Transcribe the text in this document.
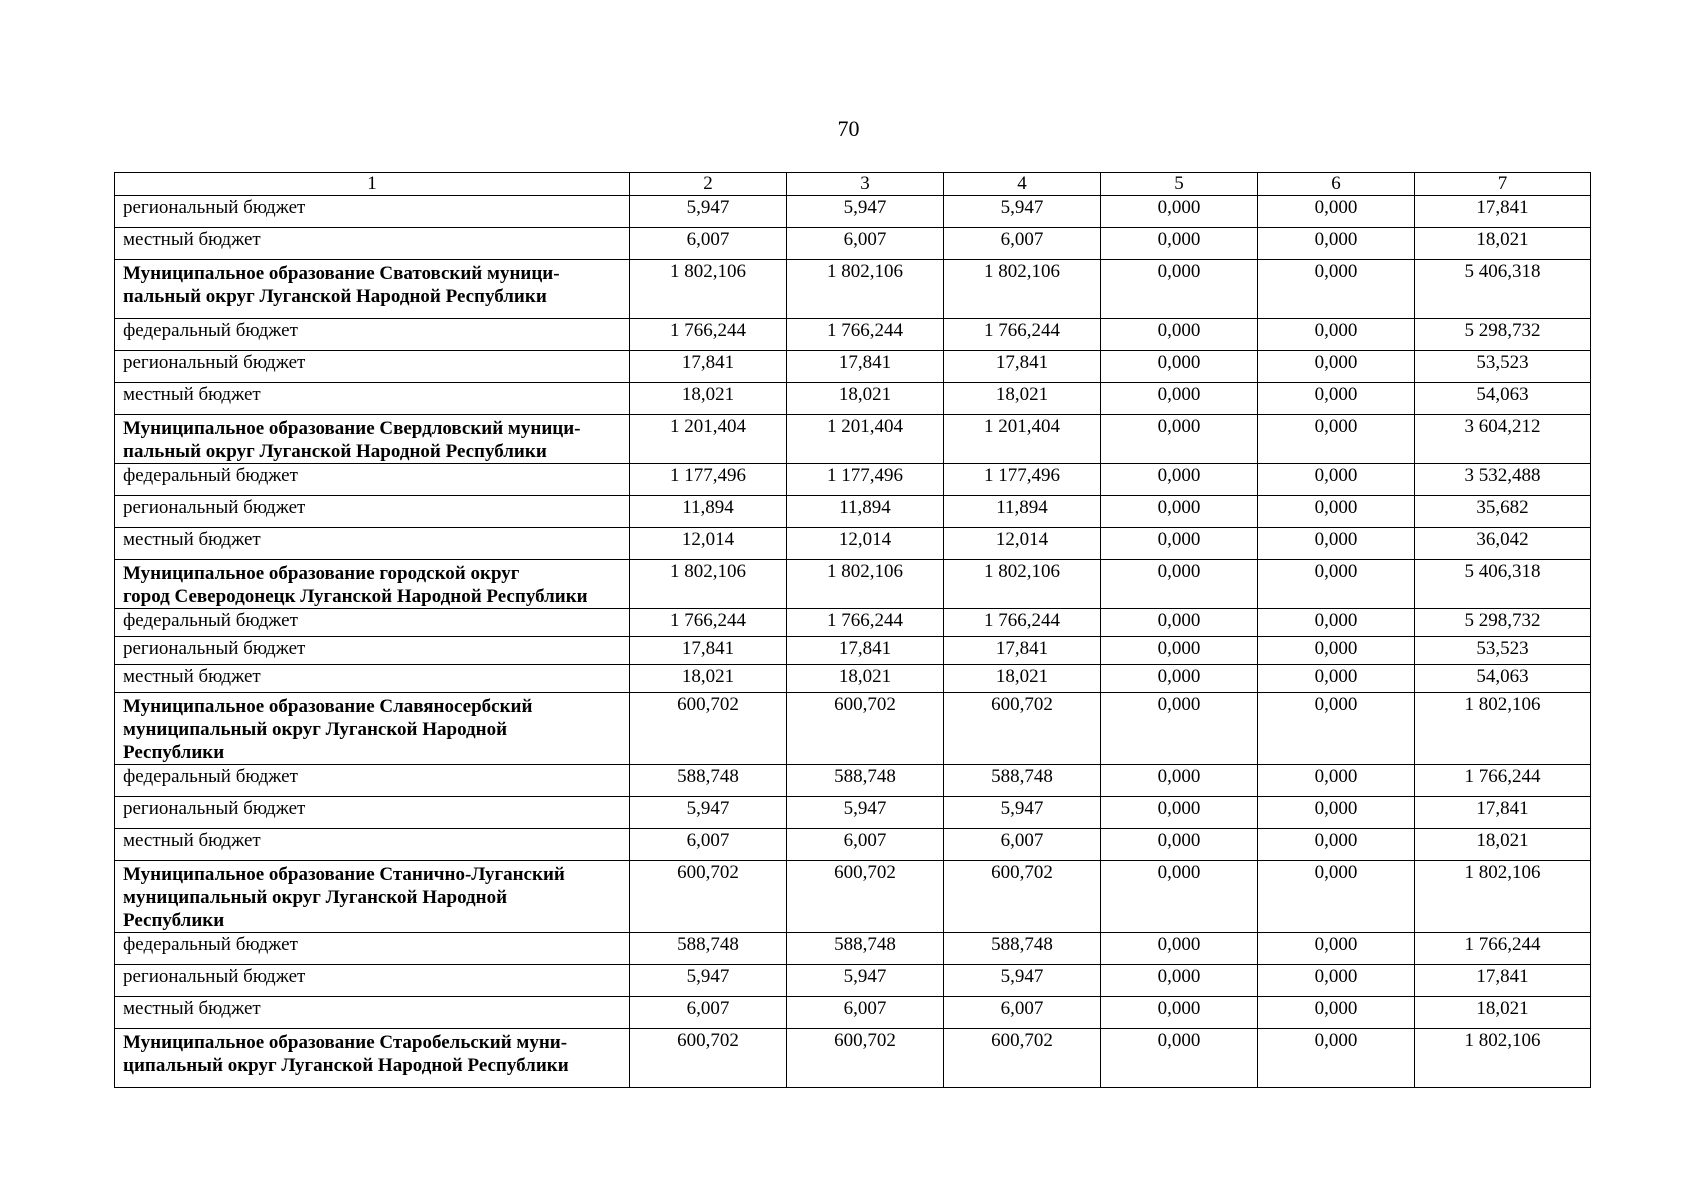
70
1	2	3	4	5	6	7
региональный бюджет	5,947	5,947	5,947	0,000	0,000	17,841
местный бюджет	6,007	6,007	6,007	0,000	0,000	18,021
Муниципальное образование Сватовский муници-
пальный округ Луганской Народной Республики	1 802,106	1 802,106	1 802,106	0,000	0,000	5 406,318
федеральный бюджет	1 766,244	1 766,244	1 766,244	0,000	0,000	5 298,732
региональный бюджет	17,841	17,841	17,841	0,000	0,000	53,523
местный бюджет	18,021	18,021	18,021	0,000	0,000	54,063
Муниципальное образование Свердловский муници-
пальный округ Луганской Народной Республики	1 201,404	1 201,404	1 201,404	0,000	0,000	3 604,212
федеральный бюджет	1 177,496	1 177,496	1 177,496	0,000	0,000	3 532,488
региональный бюджет	11,894	11,894	11,894	0,000	0,000	35,682
местный бюджет	12,014	12,014	12,014	0,000	0,000	36,042
Муниципальное образование городской округ
город Северодонецк Луганской Народной Республики	1 802,106	1 802,106	1 802,106	0,000	0,000	5 406,318
федеральный бюджет	1 766,244	1 766,244	1 766,244	0,000	0,000	5 298,732
региональный бюджет	17,841	17,841	17,841	0,000	0,000	53,523
местный бюджет	18,021	18,021	18,021	0,000	0,000	54,063
Муниципальное образование Славяносербский
муниципальный округ Луганской Народной
Республики	600,702	600,702	600,702	0,000	0,000	1 802,106
федеральный бюджет	588,748	588,748	588,748	0,000	0,000	1 766,244
региональный бюджет	5,947	5,947	5,947	0,000	0,000	17,841
местный бюджет	6,007	6,007	6,007	0,000	0,000	18,021
Муниципальное образование Станично-Луганский
муниципальный округ Луганской Народной
Республики	600,702	600,702	600,702	0,000	0,000	1 802,106
федеральный бюджет	588,748	588,748	588,748	0,000	0,000	1 766,244
региональный бюджет	5,947	5,947	5,947	0,000	0,000	17,841
местный бюджет	6,007	6,007	6,007	0,000	0,000	18,021
Муниципальное образование Старобельский муни-
ципальный округ Луганской Народной Республики	600,702	600,702	600,702	0,000	0,000	1 802,106
